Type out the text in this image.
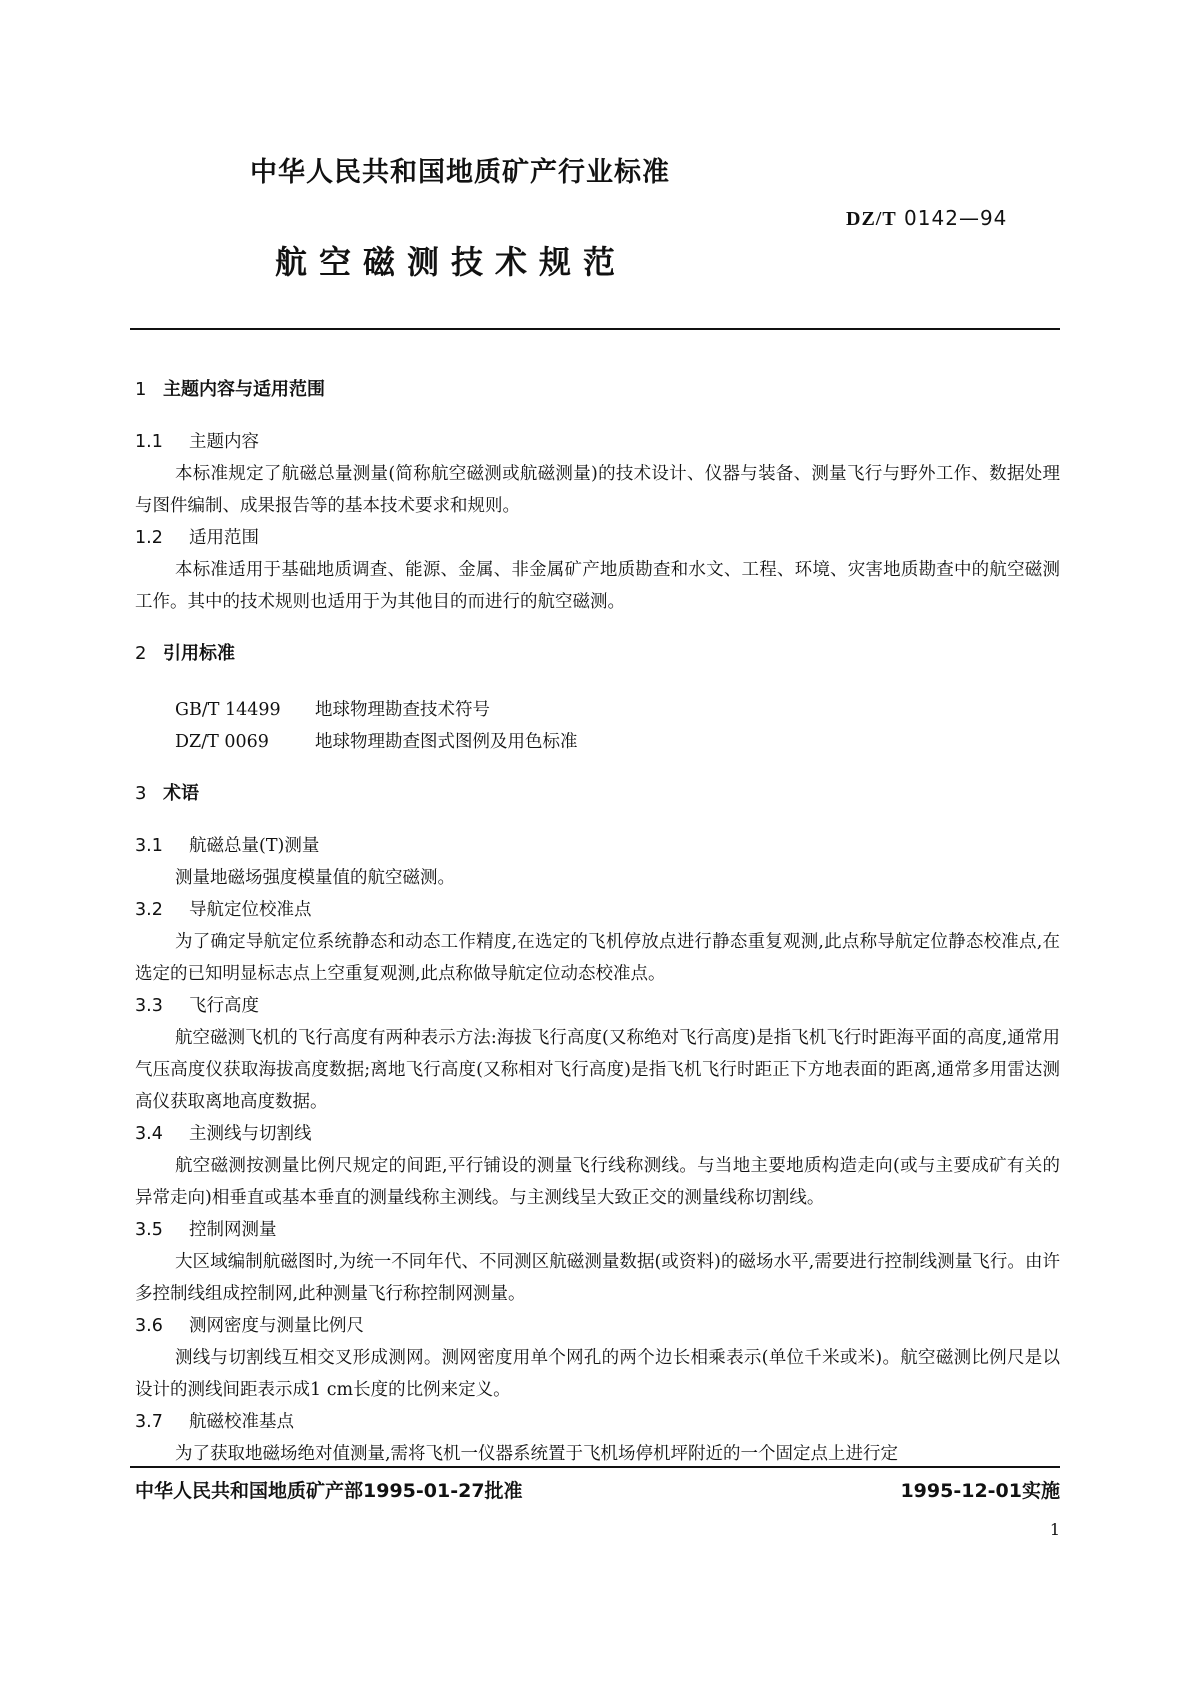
中华人民共和国地质矿产行业标准
DZ/T 0142—94
航空磁测技术规范

1 主题内容与适用范围

1.1 主题内容

本标准规定了航磁总量测量(简称航空磁测或航磁测量)的技术设计、仪器与装备、测量飞行与野外工作、数据处理与图件编制、成果报告等的基本技术要求和规则。

1.2 适用范围

本标准适用于基础地质调查、能源、金属、非金属矿产地质勘查和水文、工程、环境、灾害地质勘查中的航空磁测工作。其中的技术规则也适用于为其他目的而进行的航空磁测。

2 引用标准

GB/T 14499 地球物理勘查技术符号

DZ/T 0069	地球物理勘查图式图例及用色标准

3 术语

3.1 航磁总量(T)测量

测量地磁场强度模量值的航空磁测。

3.2 导航定位校准点

为了确定导航定位系统静态和动态工作精度,在选定的飞机停放点进行静态重复观测,此点称导航定位静态校准点,在选定的已知明显标志点上空重复观测,此点称做导航定位动态校准点。

3.3 飞行高度

航空磁测飞机的飞行高度有两种表示方法:海拔飞行高度(又称绝对飞行高度)是指飞机飞行时距海平面的高度,通常用气压高度仪获取海拔高度数据;离地飞行高度(又称相对飞行高度)是指飞机飞行时距正下方地表面的距离,通常多用雷达测高仪获取离地高度数据。

3.4 主测线与切割线

航空磁测按测量比例尺规定的间距,平行铺设的测量飞行线称测线。与当地主要地质构造走向(或与主要成矿有关的异常走向)相垂直或基本垂直的测量线称主测线。与主测线呈大致正交的测量线称切割线。

3.5 控制网测量

大区域编制航磁图时,为统一不同年代、不同测区航磁测量数据(或资料)的磁场水平,需要进行控制线测量飞行。由许多控制线组成控制网,此种测量飞行称控制网测量。

3.6 测网密度与测量比例尺

测线与切割线互相交叉形成测网。测网密度用单个网孔的两个边长相乘表示(单位千米或米)。航空磁测比例尺是以设计的测线间距表示成1 cm长度的比例来定义。

3.7 航磁校准基点

为了获取地磁场绝对值测量,需将飞机一仪器系统置于飞机场停机坪附近的一个固定点上进行定

中华人民共和国地质矿产部1995-01-27批准	1995-12-01实施
1
